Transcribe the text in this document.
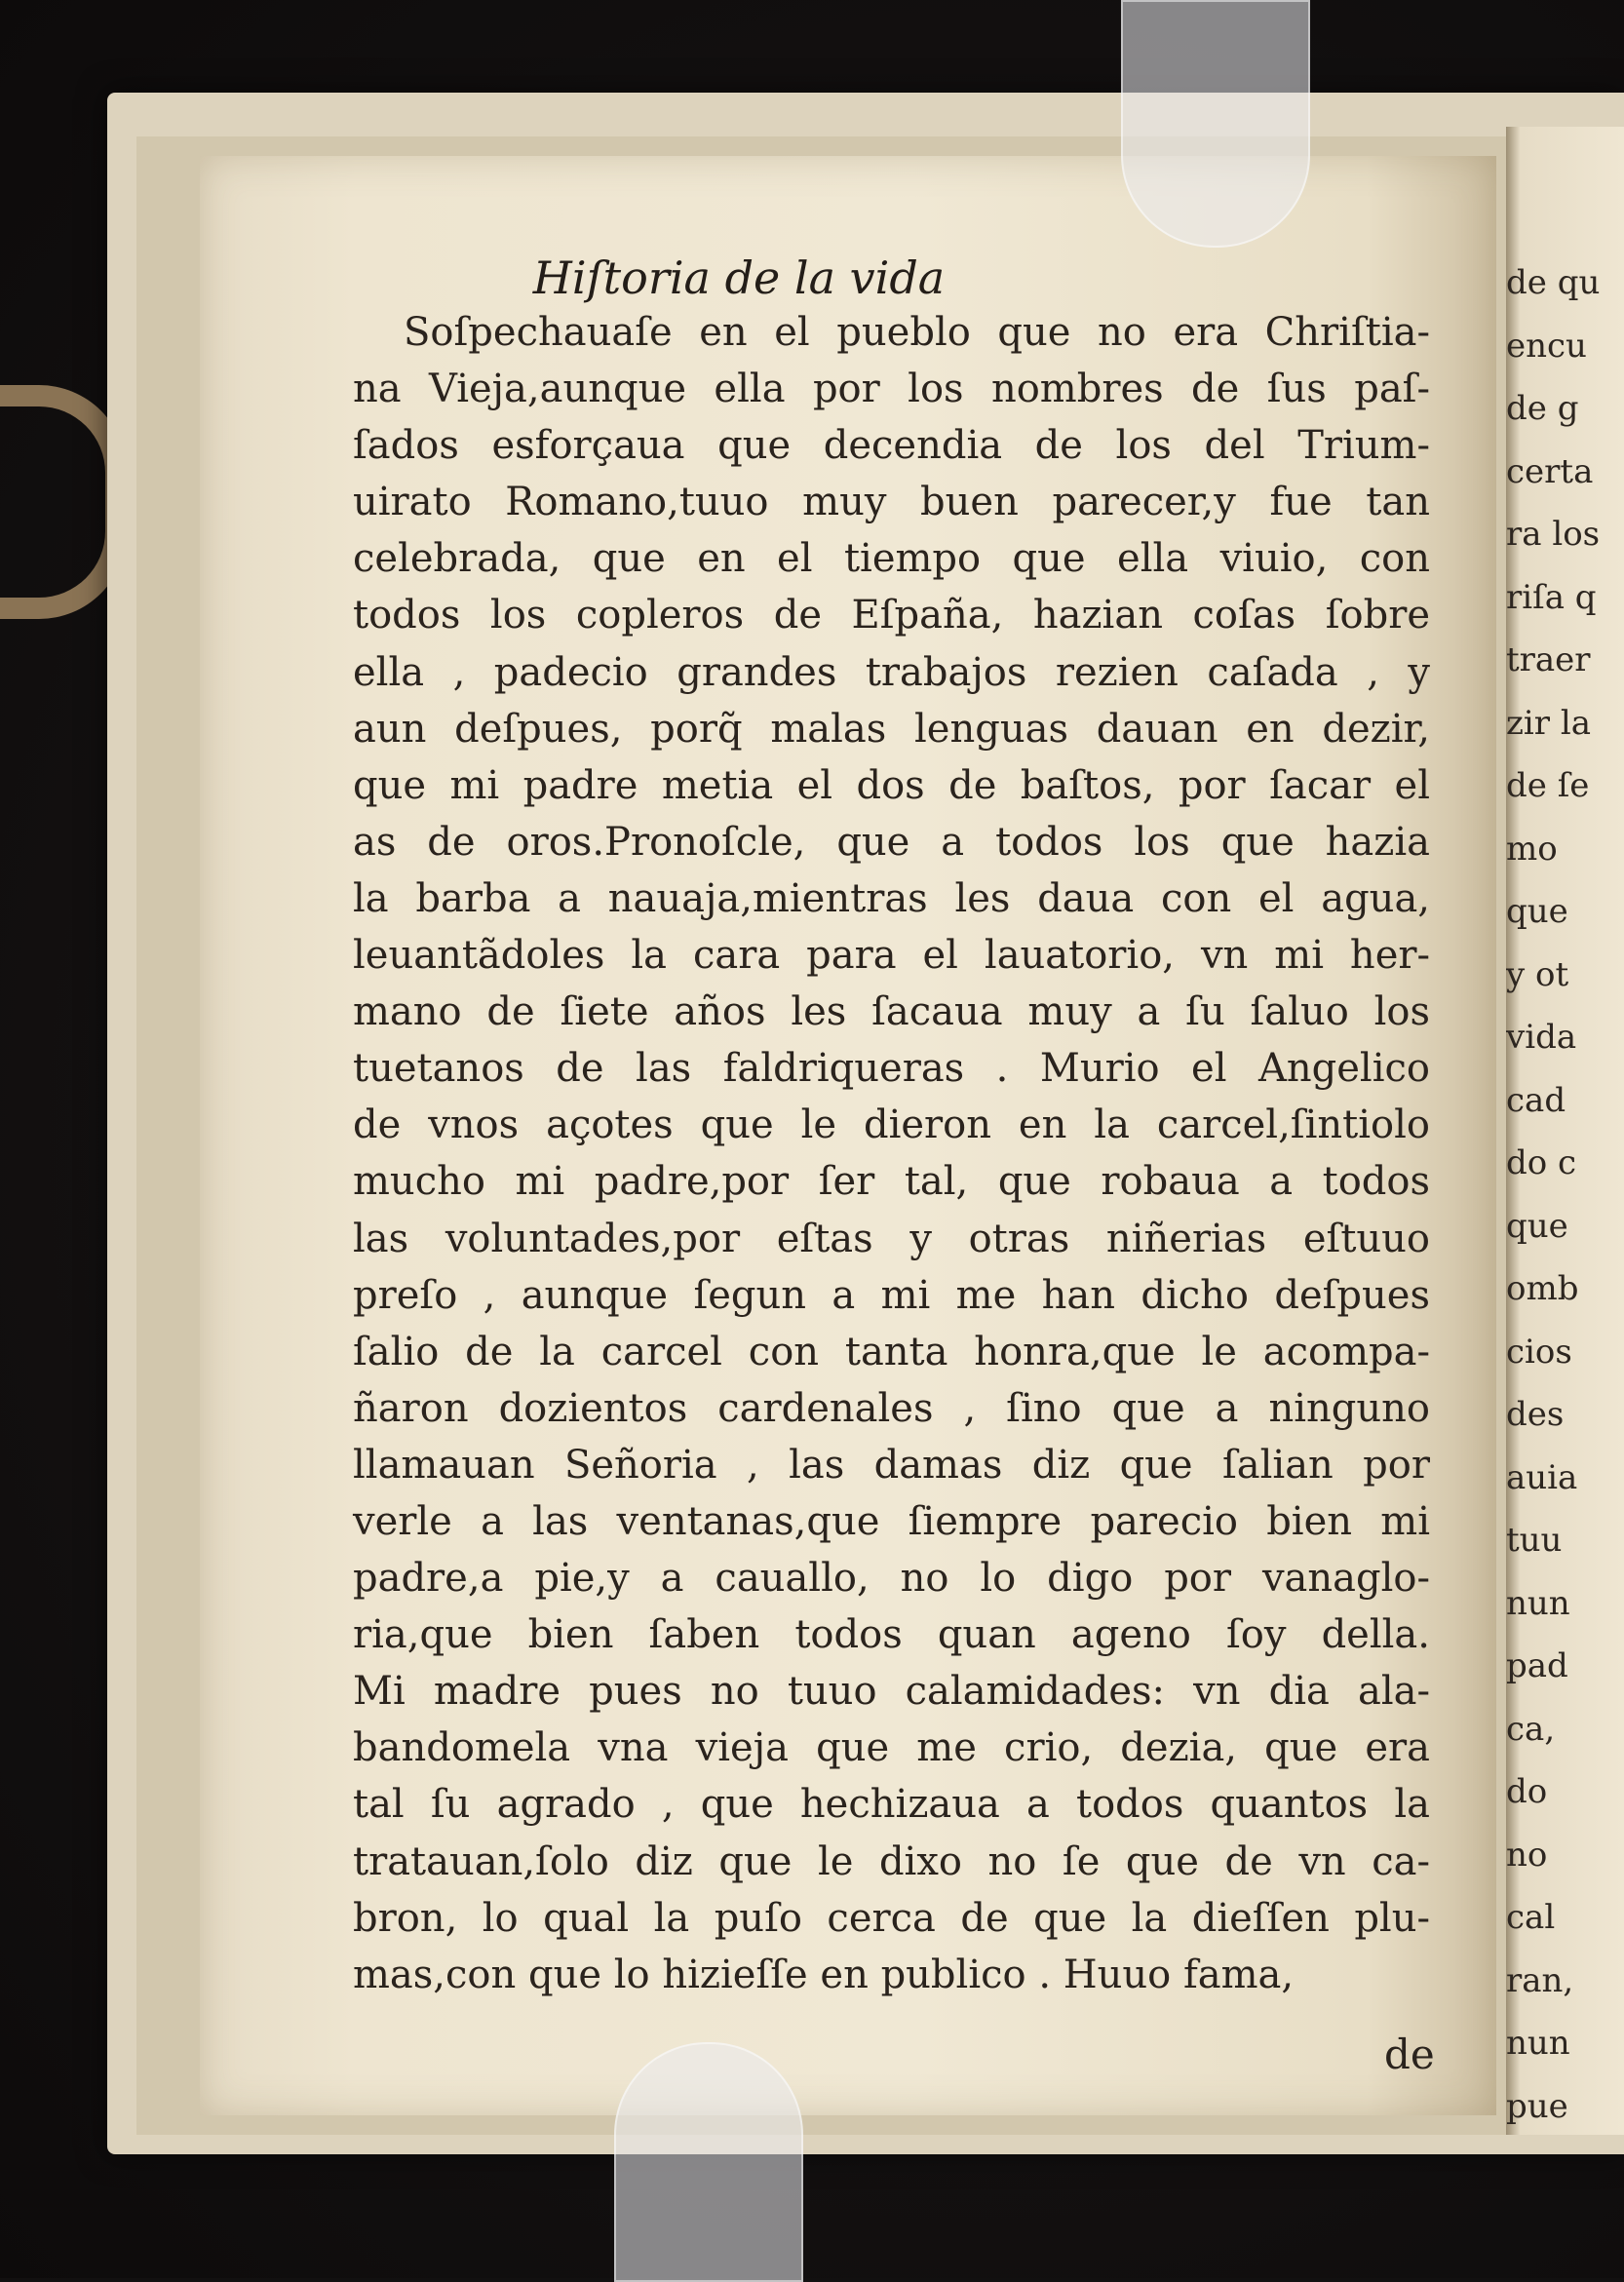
de qu
encu
de g
certa
ra los
riſa q
traer
zir la
de ſe
mo
que
y ot
vida
cad
do c
que
omb
cios
des
auia
tuu
nun
pad
ca,
do
no
cal
ran,
nun
pue
Hiſtoria de la vida
Soſpechauaſe en el pueblo que no era Chriſtia-
na Vieja,aunque ella por los nombres de ſus paſ-
ſados esforçaua que decendia de los del Trium-
uirato Romano,tuuo muy buen parecer,y fue tan
celebrada, que en el tiempo que ella viuio, con
todos los copleros de Eſpaña, hazian coſas ſobre
ella , padecio grandes trabajos rezien caſada , y
aun deſpues, porq̃ malas lenguas dauan en dezir,
que mi padre metia el dos de baſtos, por ſacar el
as de oros.Pronoſcle, que a todos los que hazia
la barba a nauaja,mientras les daua con el agua,
leuantãdoles la cara para el lauatorio, vn mi her-
mano de ſiete años les ſacaua muy a ſu ſaluo los
tuetanos de las faldriqueras . Murio el Angelico
de vnos açotes que le dieron en la carcel,ſintiolo
mucho mi padre,por ſer tal, que robaua a todos
las voluntades,por eſtas y otras niñerias eſtuuo
preſo , aunque ſegun a mi me han dicho deſpues
ſalio de la carcel con tanta honra,que le acompa-
ñaron dozientos cardenales , ſino que a ninguno
llamauan Señoria , las damas diz que ſalian por
verle a las ventanas,que ſiempre parecio bien mi
padre,a pie,y a cauallo, no lo digo por vanaglo-
ria,que bien ſaben todos quan ageno ſoy della.
Mi madre pues no tuuo calamidades: vn dia ala-
bandomela vna vieja que me crio, dezia, que era
tal ſu agrado , que hechizaua a todos quantos la
tratauan,ſolo diz que le dixo no ſe que de vn ca-
bron, lo qual la puſo cerca de que la dieſſen plu-
mas,con que lo hizieſſe en publico . Huuo fama,
de
